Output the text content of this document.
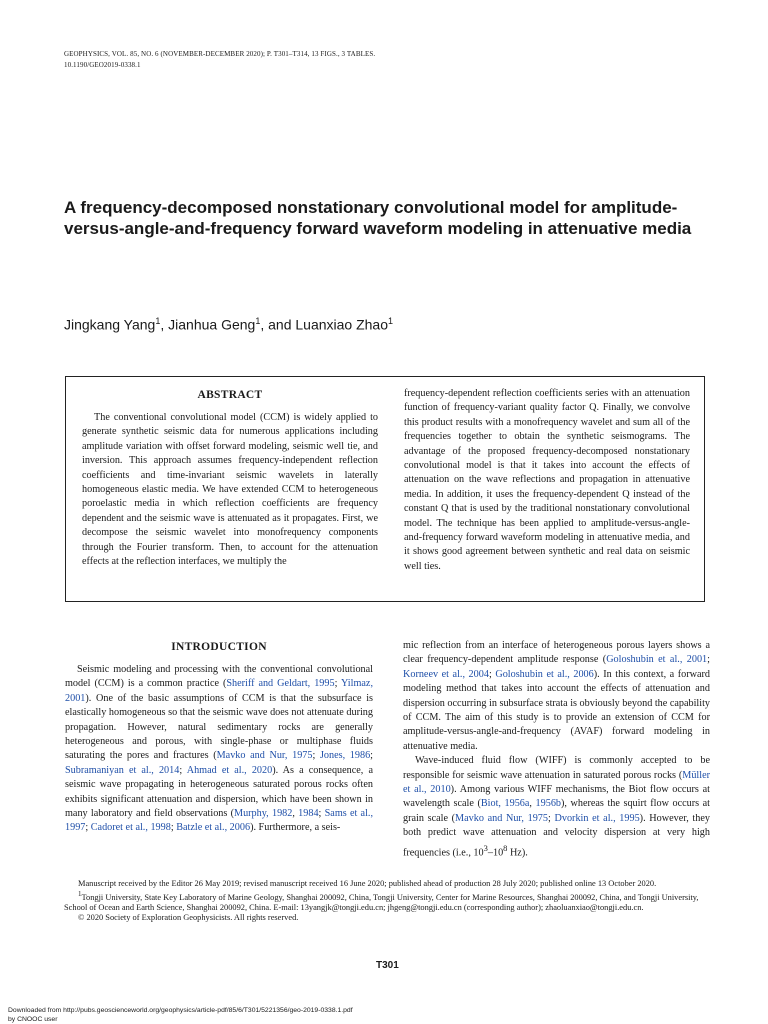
GEOPHYSICS, VOL. 85, NO. 6 (NOVEMBER-DECEMBER 2020); P. T301–T314, 13 FIGS., 3 TABLES.
10.1190/GEO2019-0338.1
A frequency-decomposed nonstationary convolutional model for amplitude-versus-angle-and-frequency forward waveform modeling in attenuative media
Jingkang Yang$^1$, Jianhua Geng$^1$, and Luanxiao Zhao$^1$
ABSTRACT

The conventional convolutional model (CCM) is widely applied to generate synthetic seismic data for numerous applications including amplitude variation with offset forward modeling, seismic well tie, and inversion. This approach assumes frequency-independent reflection coefficients and time-invariant seismic wavelets in laterally homogeneous elastic media. We have extended CCM to heterogeneous poroelastic media in which reflection coefficients are frequency dependent and the seismic wave is attenuated as it propagates. First, we decompose the seismic wavelet into monofrequency components through the Fourier transform. Then, to account for the attenuation effects at the reflection interfaces, we multiply the

frequency-dependent reflection coefficients series with an attenuation function of frequency-variant quality factor Q. Finally, we convolve this product results with a monofrequency wavelet and sum all of the frequencies together to obtain the synthetic seismograms. The advantage of the proposed frequency-decomposed nonstationary convolutional model is that it takes into account the effects of attenuation on the wave reflections and propagation in attenuative media. In addition, it uses the frequency-dependent Q instead of the constant Q that is used by the traditional nonstationary convolutional model. The technique has been applied to amplitude-versus-angle-and-frequency forward waveform modeling in attenuative media, and it shows good agreement between synthetic and real data on seismic well ties.

INTRODUCTION

Seismic modeling and processing with the conventional convolutional model (CCM) is a common practice (Sheriff and Geldart, 1995; Yilmaz, 2001). One of the basic assumptions of CCM is that the subsurface is elastically homogeneous so that the seismic wave does not attenuate during propagation. However, natural sedimentary rocks are generally heterogeneous and porous, with single-phase or multiphase fluids saturating the pores and fractures (Mavko and Nur, 1975; Jones, 1986; Subramaniyan et al., 2014; Ahmad et al., 2020). As a consequence, a seismic wave propagating in heterogeneous saturated porous rocks often exhibits significant attenuation and dispersion, which have been shown in many laboratory and field observations (Murphy, 1982, 1984; Sams et al., 1997; Cadoret et al., 1998; Batzle et al., 2006). Furthermore, a seis-

mic reflection from an interface of heterogeneous porous layers shows a clear frequency-dependent amplitude response (Goloshubin et al., 2001; Korneev et al., 2004; Goloshubin et al., 2006). In this context, a forward modeling method that takes into account the effects of attenuation and dispersion occurring in subsurface strata is obviously beyond the capability of CCM. The aim of this study is to provide an extension of CCM for amplitude-versus-angle-and-frequency (AVAF) forward modeling in attenuative media.

Wave-induced fluid flow (WIFF) is commonly accepted to be responsible for seismic wave attenuation in saturated porous rocks (Müller et al., 2010). Among various WIFF mechanisms, the Biot flow occurs at wavelength scale (Biot, 1956a, 1956b), whereas the squirt flow occurs at grain scale (Mavko and Nur, 1975; Dvorkin et al., 1995). However, they both predict wave attenuation and velocity dispersion at very high frequencies (i.e., $10^3-10^8$ Hz).

Manuscript received by the Editor 26 May 2019; revised manuscript received 16 June 2020; published ahead of production 28 July 2020; published online 13 October 2020.

$^1$Tongji University, State Key Laboratory of Marine Geology, Shanghai 200092, China, Tongji University, Center for Marine Resources, Shanghai 200092, China, and Tongji University, School of Ocean and Earth Science, Shanghai 200092, China. E-mail: 13yangjk@tongji.edu.cn; jhgeng@tongji.edu.cn (corresponding author); zhaoluanxiao@tongji.edu.cn.

© 2020 Society of Exploration Geophysicists. All rights reserved.

T301
Downloaded from http://pubs.geoscienceworld.org/geophysics/article-pdf/85/6/T301/5221356/geo-2019-0338.1.pdf
by CNOOC user
